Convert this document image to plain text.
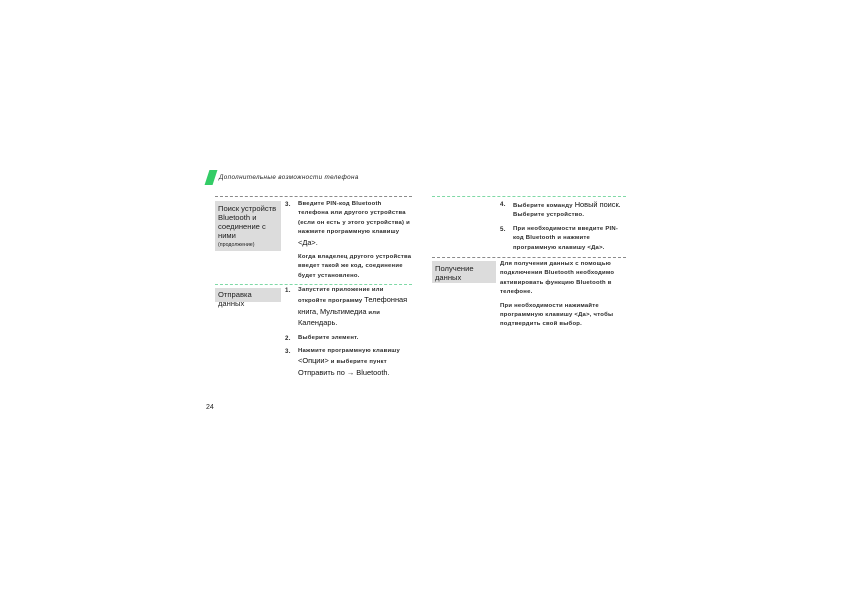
Дополнительные возможности телефона
Поиск устройств
Bluetooth и
соединение с
ними
(продолжение)
3. Введите PIN-код Bluetooth телефона или другого устройства (если он есть у этого устройства) и нажмите программную клавишу <Да>.
Когда владелец другого устройства введет такой же код, соединение будет установлено.
Отправка данных
1. Запустите приложение или откройте программу Телефонная книга, Мультимедиа или Календарь.
2. Выберите элемент.
3. Нажмите программную клавишу <Опции> и выберите пункт Отправить по → Bluetooth.
4. Выберите команду Новый поиск. Выберите устройство.
5. При необходимости введите PIN-код Bluetooth и нажмите программную клавишу <Да>.
Получение
данных
Для получения данных с помощью подключения Bluetooth необходимо активировать функцию Bluetooth в телефоне.
При необходимости нажимайте программную клавишу <Да>, чтобы подтвердить свой выбор.
24
